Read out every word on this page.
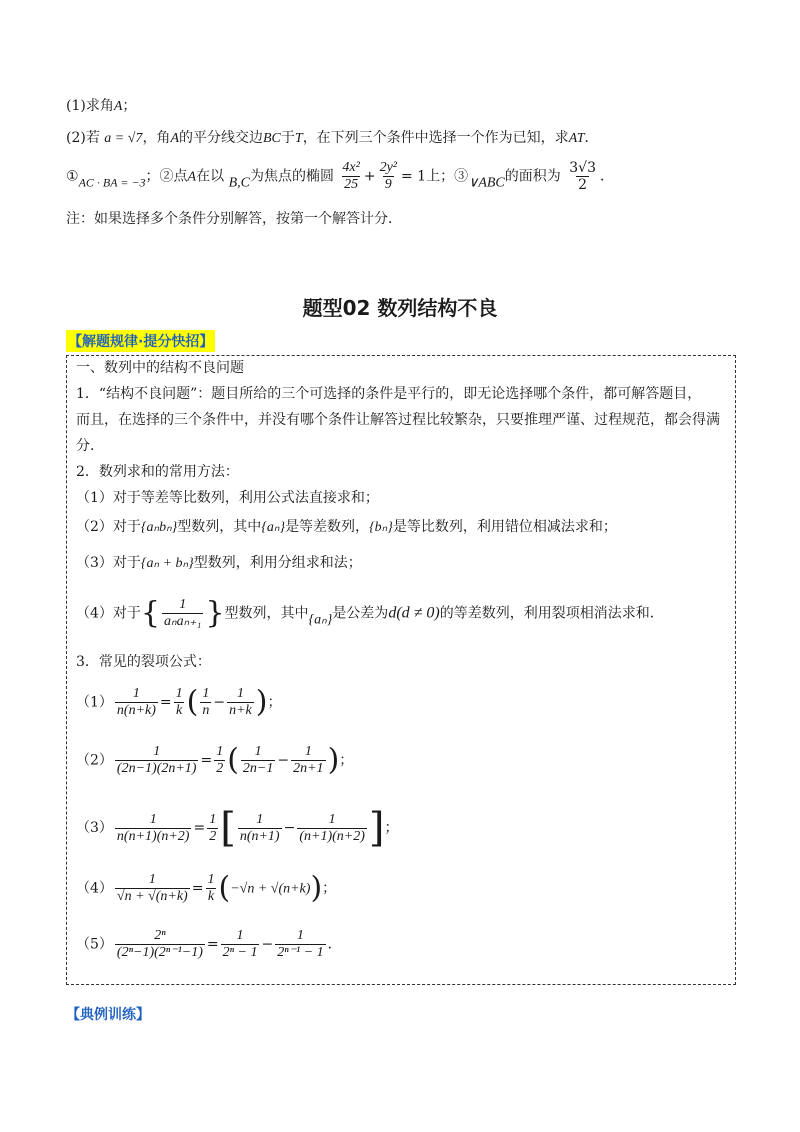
(1)求角A；
(2)若 a = √7，角A的平分线交边BC于T，在下列三个条件中选择一个作为已知，求AT．
①AC · BA = −3；②点A在以 B,C为焦点的椭圆 $\frac{\text{4x²}}{25} + \frac{\text{2y²}}{9} = 1$上；③∨ABC的面积为 $\frac{3√3}{2}$ ．
注：如果选择多个条件分别解答，按第一个解答计分．
题型02 数列结构不良
【解题规律·提分快招】
一、数列中的结构不良问题
1．“结构不良问题”：题目所给的三个可选择的条件是平行的，即无论选择哪个条件，都可解答题目，
而且，在选择的三个条件中，并没有哪个条件让解答过程比较繁杂，只要推理严谨、过程规范，都会得满
分．
2．数列求和的常用方法：
（1）对于等差等比数列，利用公式法直接求和；
（2）对于{aₙbₙ}型数列，其中{aₙ}是等差数列，{bₙ}是等比数列，利用错位相减法求和；
（3）对于{aₙ + bₙ}型数列，利用分组求和法；
（4）对于{ $\frac{1}{\text{aₙaₙ₊₁}}$ }型数列，其中{aₙ}是公差为d(d ≠ 0)的等差数列，利用裂项相消法求和．
3．常见的裂项公式：
$(1) \frac{1}{n(n+k)} = \frac{1}{k}$ ( $\frac{1}{n} - \frac{1}{n+k}$ )；
$(2) \frac{1}{(2n-1)(2n+1)} = \frac{1}{2}$ ( $\frac{1}{2n-1} - \frac{1}{2n+1}$ )；
$(3) \frac{1}{n(n+1)(n+2)} = \frac{1}{2}$ [ $\frac{1}{n(n+1)} - \frac{1}{(n+1)(n+2)}$ ]；
$(4) \frac{1}{√n + √(n+k)} = \frac{1}{k} (-√n + √(n+k))$；
$(5) \frac{\text{2ⁿ}}{\text{(2ⁿ−1)(2ⁿ⁻¹−1)}} = \frac{1}{\text{2ⁿ − 1}} - \frac{1}{\text{2ⁿ⁻¹ − 1}}$ ．
【典例训练】
